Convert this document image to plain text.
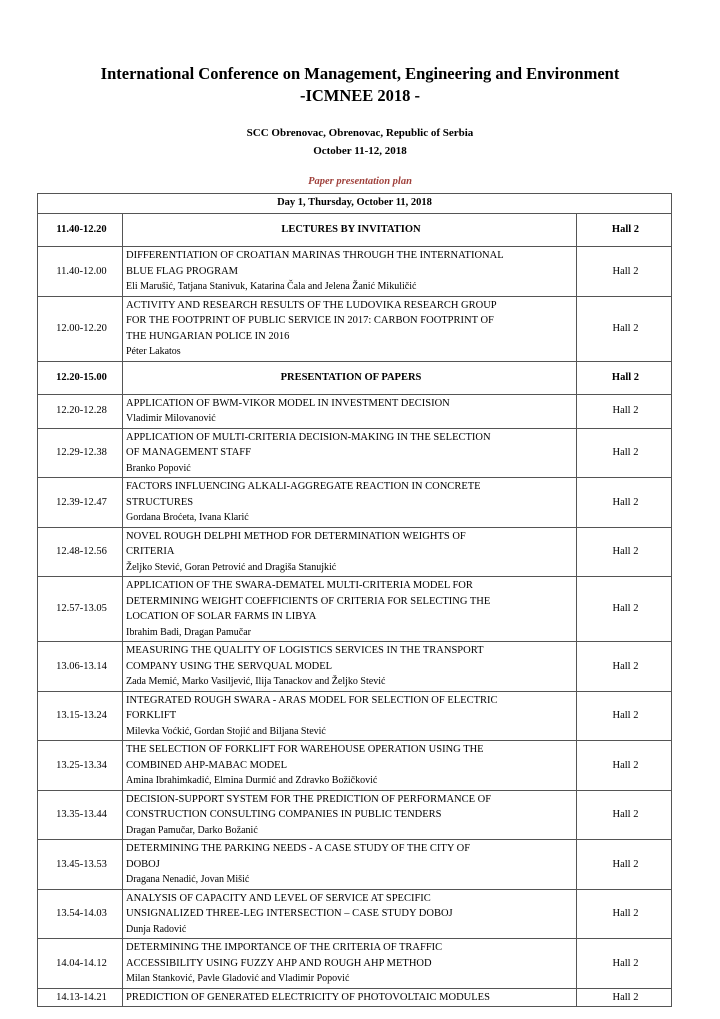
International Conference on Management, Engineering and Environment
-ICMNEE 2018 -
SCC Obrenovac, Obrenovac, Republic of Serbia
October 11-12, 2018
Paper presentation plan
Day 1, Thursday, October 11, 2018
11.40-12.20	LECTURES BY INVITATION	Hall 2
11.40-12.00	DIFFERENTIATION OF CROATIAN MARINAS THROUGH THE INTERNATIONAL
BLUE FLAG PROGRAM
Eli Marušić, Tatjana Stanivuk, Katarina Čala and Jelena Žanić Mikuličić	Hall 2
12.00-12.20	ACTIVITY AND RESEARCH RESULTS OF THE LUDOVIKA RESEARCH GROUP
FOR THE FOOTPRINT OF PUBLIC SERVICE IN 2017: CARBON FOOTPRINT OF
THE HUNGARIAN POLICE IN 2016
Péter Lakatos	Hall 2
12.20-15.00	PRESENTATION OF PAPERS	Hall 2
12.20-12.28	APPLICATION OF BWM-VIKOR MODEL IN INVESTMENT DECISION
Vladimir Milovanović	Hall 2
12.29-12.38	APPLICATION OF MULTI-CRITERIA DECISION-MAKING IN THE SELECTION
OF MANAGEMENT STAFF
Branko Popović	Hall 2
12.39-12.47	FACTORS INFLUENCING ALKALI-AGGREGATE REACTION IN CONCRETE
STRUCTURES
Gordana Broćeta, Ivana Klarić	Hall 2
12.48-12.56	NOVEL ROUGH DELPHI METHOD FOR DETERMINATION WEIGHTS OF
CRITERIA
Željko Stević, Goran Petrović and Dragiša Stanujkić	Hall 2
12.57-13.05	APPLICATION OF THE SWARA-DEMATEL MULTI-CRITERIA MODEL FOR
DETERMINING WEIGHT COEFFICIENTS OF CRITERIA FOR SELECTING THE
LOCATION OF SOLAR FARMS IN LIBYA
Ibrahim Badi, Dragan Pamučar	Hall 2
13.06-13.14	MEASURING THE QUALITY OF LOGISTICS SERVICES IN THE TRANSPORT
COMPANY USING THE SERVQUAL MODEL
Zada Memić, Marko Vasiljević, Ilija Tanackov and Željko Stević	Hall 2
13.15-13.24	INTEGRATED ROUGH SWARA - ARAS MODEL FOR SELECTION OF ELECTRIC
FORKLIFT
Milevka Voćkić, Gordan Stojić and Biljana Stević	Hall 2
13.25-13.34	THE SELECTION OF FORKLIFT FOR WAREHOUSE OPERATION USING THE
COMBINED AHP-MABAC MODEL
Amina Ibrahimkadić, Elmina Durmić and Zdravko Božičković	Hall 2
13.35-13.44	DECISION-SUPPORT SYSTEM FOR THE PREDICTION OF PERFORMANCE OF
CONSTRUCTION CONSULTING COMPANIES IN PUBLIC TENDERS
Dragan Pamučar, Darko Božanić	Hall 2
13.45-13.53	DETERMINING THE PARKING NEEDS - A CASE STUDY OF THE CITY OF
DOBOJ
Dragana Nenadić, Jovan Mišić	Hall 2
13.54-14.03	ANALYSIS OF CAPACITY AND LEVEL OF SERVICE AT SPECIFIC
UNSIGNALIZED THREE-LEG INTERSECTION – CASE STUDY DOBOJ
Dunja Radović	Hall 2
14.04-14.12	DETERMINING THE IMPORTANCE OF THE CRITERIA OF TRAFFIC
ACCESSIBILITY USING FUZZY AHP AND ROUGH AHP METHOD
Milan Stanković, Pavle Gladović and Vladimir Popović	Hall 2
14.13-14.21	PREDICTION OF GENERATED ELECTRICITY OF PHOTOVOLTAIC MODULES	Hall 2
